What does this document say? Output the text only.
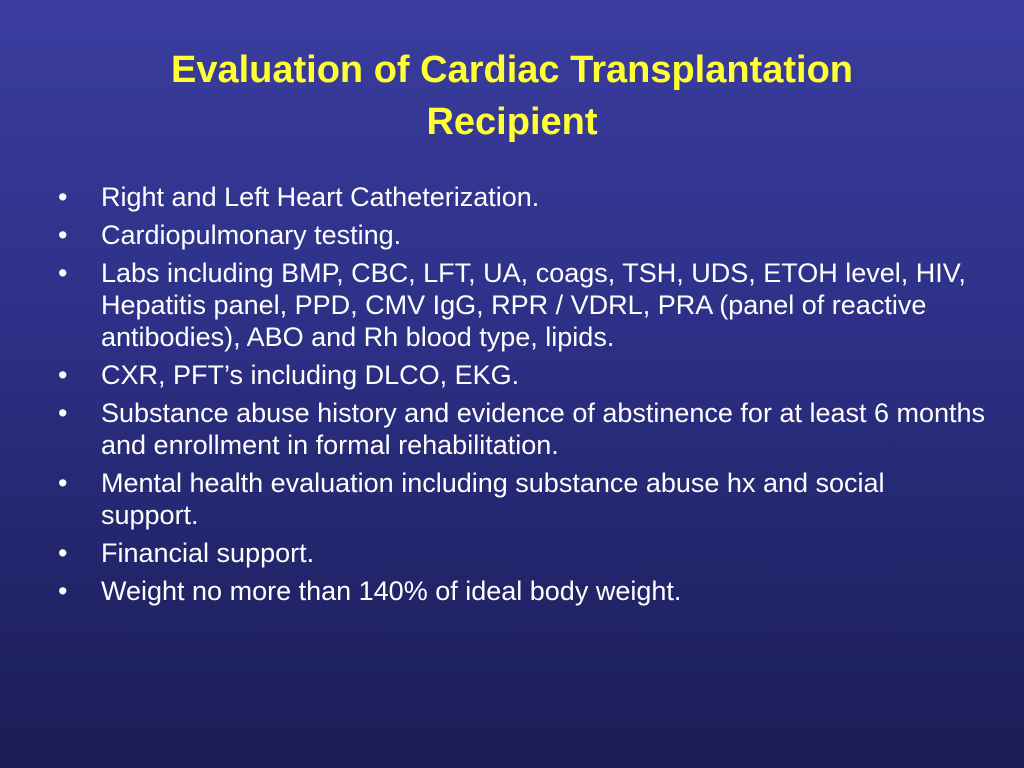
Evaluation of Cardiac Transplantation
Recipient
•	Right and Left Heart Catheterization.
•	Cardiopulmonary testing.
•	Labs including BMP, CBC, LFT, UA, coags, TSH, UDS, ETOH level, HIV, Hepatitis panel, PPD, CMV IgG, RPR / VDRL, PRA (panel of reactive antibodies), ABO and Rh blood type, lipids.
•	CXR, PFT’s including DLCO, EKG.
•	Substance abuse history and evidence of abstinence for at least 6 months and enrollment in formal rehabilitation.
•	Mental health evaluation including substance abuse hx and social support.
•	Financial support.
•	Weight no more than 140% of ideal body weight.
